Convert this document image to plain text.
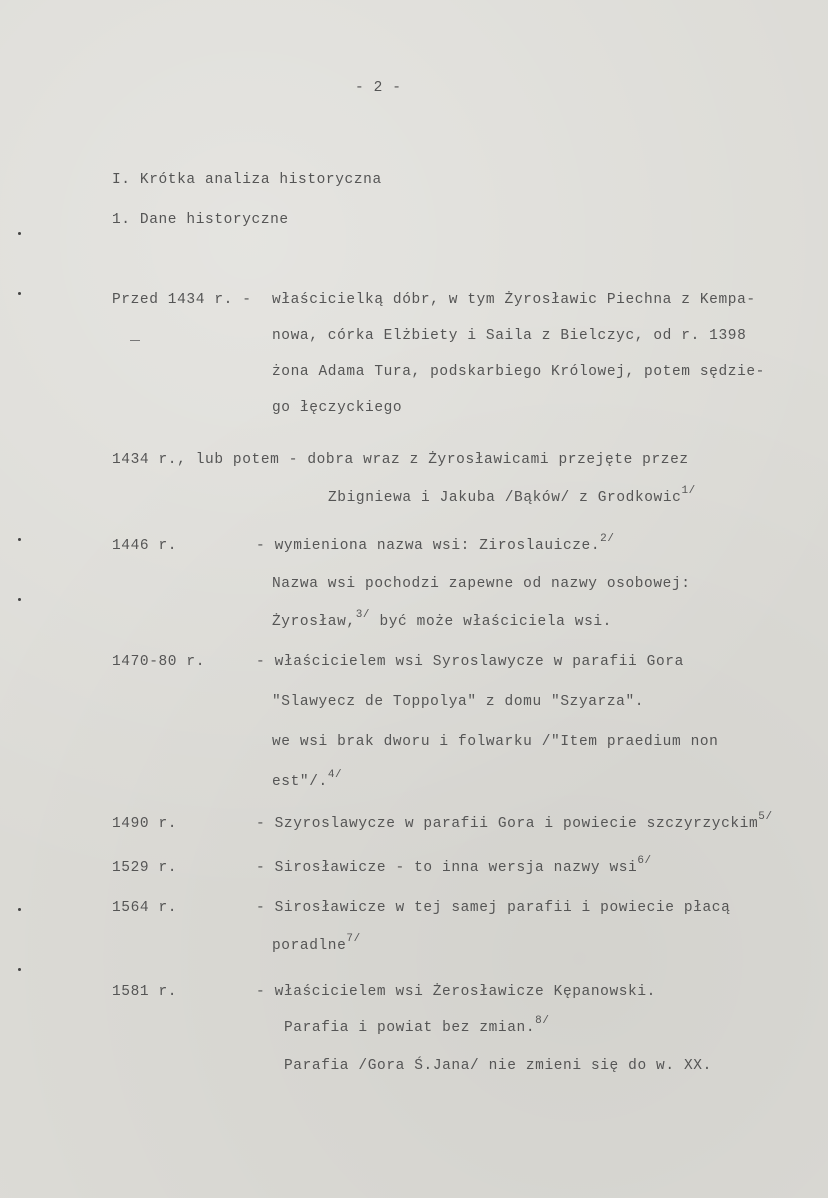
- 2 -
I. Krótka analiza historyczna
1. Dane historyczne
Przed 1434 r. - właścicielką dóbr, w tym Żyrosławic Piechna z Kempa-
nowa, córka Elżbiety i Saila z Bielczyc, od r. 1398
żona Adama Tura, podskarbiego Królowej, potem sędzie-
go łęczyckiego
1434 r., lub potem - dobra wraz z Żyrosławicami przejęte przez
Zbigniewa i Jakuba /Bąków/ z Grodkowic$^{1/}$
1446 r.	- wymieniona nazwa wsi: Ziroslauicze.$^{2/}$
Nazwa wsi pochodzi zapewne od nazwy osobowej:
Żyrosław,$^{3/}$ być może właściciela wsi.
1470-80 r.	- właścicielem wsi Syroslawycze w parafii Gora
"Slawyecz de Toppolya" z domu "Szyarza".
we wsi brak dworu i folwarku /"Item praedium non
est"/.$^{4/}$
1490 r.	- Szyroslawycze w parafii Gora i powiecie szczyrzyckim$^{5/}$
1529 r.	- Sirosławicze - to inna wersja nazwy wsi$^{6/}$
1564 r.	- Sirosławicze w tej samej parafii i powiecie płacą
poradlne$^{7/}$
1581 r.	- właścicielem wsi Żerosławicze Kępanowski.
Parafia i powiat bez zmian.$^{8/}$
Parafia /Gora Ś.Jana/ nie zmieni się do w. XX.
